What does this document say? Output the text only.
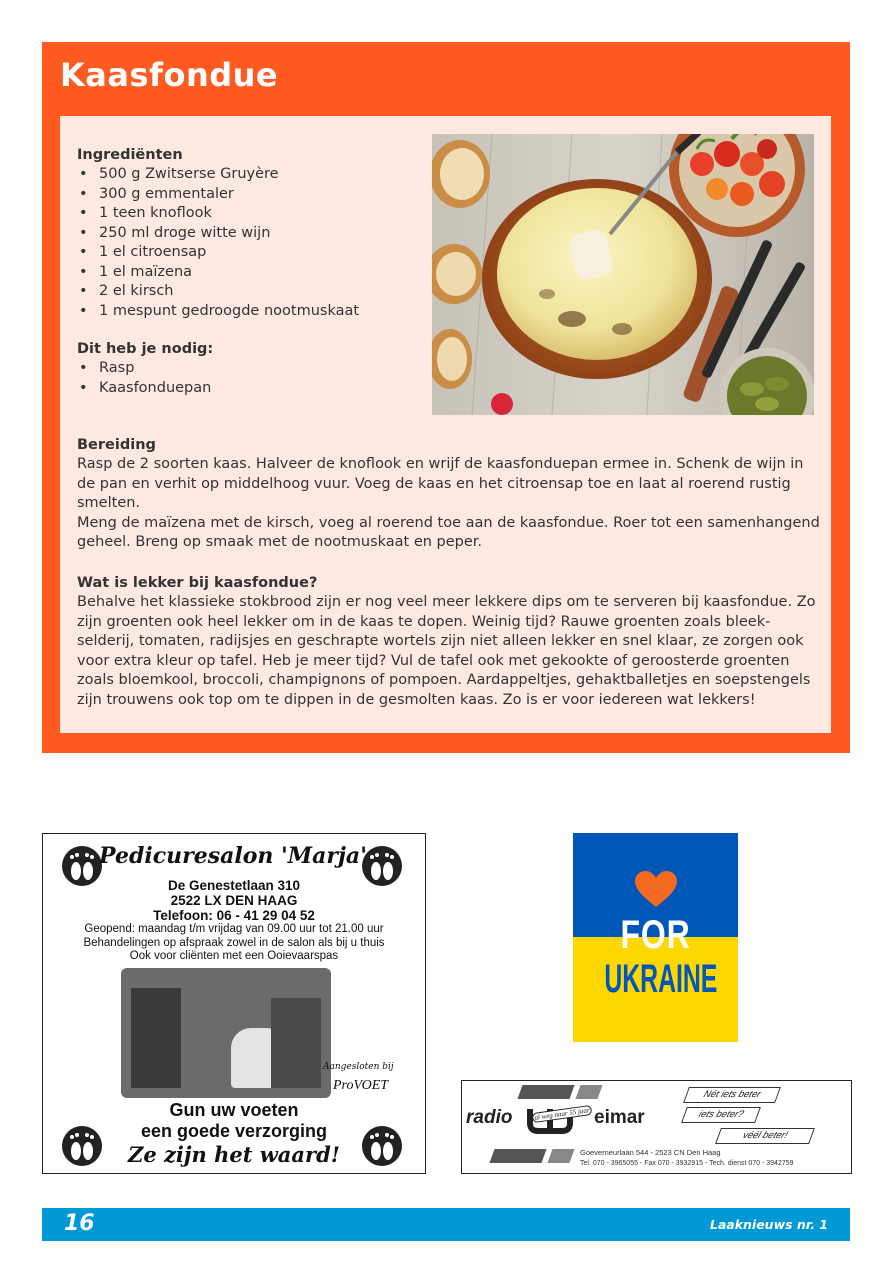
Kaasfondue
Ingrediënten
• 500 g Zwitserse Gruyère
• 300 g emmentaler
• 1 teen knoflook
• 250 ml droge witte wijn
• 1 el citroensap
• 1 el maïzena
• 2 el kirsch
• 1 mespunt gedroogde nootmuskaat
Dit heb je nodig:
• Rasp
• Kaasfonduepan
Bereiding

Rasp de 2 soorten kaas. Halveer de knoflook en wrijf de kaasfonduepan ermee in. Schenk de wijn in de pan en verhit op middelhoog vuur. Voeg de kaas en het citroensap toe en laat al roerend rustig smelten.

Meng de maïzena met de kirsch, voeg al roerend toe aan de kaasfondue. Roer tot een samenhangend geheel. Breng op smaak met de nootmuskaat en peper.

Wat is lekker bij kaasfondue?

Behalve het klassieke stokbrood zijn er nog veel meer lekkere dips om te serveren bij kaasfondue. Zo zijn groenten ook heel lekker om in de kaas te dopen. Weinig tijd? Rauwe groenten zoals bleek-selderij, tomaten, radijsjes en geschrapte wortels zijn niet alleen lekker en snel klaar, ze zorgen ook voor extra kleur op tafel. Heb je meer tijd? Vul de tafel ook met gekookte of geroosterde groenten zoals bloemkool, broccoli, champignons of pompoen. Aardappeltjes, gehaktballetjes en soepstengels zijn trouwens ook top om te dippen in de gesmolten kaas. Zo is er voor iedereen wat lekkers!

Pedicuresalon 'Marja'
De Genestetlaan 310
2522 LX DEN HAAG
Telefoon: 06 - 41 29 04 52
Geopend: maandag t/m vrijdag van 09.00 uur tot 21.00 uur
Behandelingen op afspraak zowel in de salon als bij u thuis
Ook voor cliënten met een Ooievaarspas
Aangesloten bij
ProVOET
Gun uw voeten
een goede verzorging
Ze zijn het waard!
FOR
UKRAINE
radio	al weg naar 55 jaar eimar
Nét iets beter
iets beter?
véél beter!
Goeverneurlaan 544 - 2523 CN Den Haag
Tel. 070 - 3965055 - Fax 070 - 3932915 - Tech. dienst 070 - 3942759
16	Laaknieuws nr. 1
